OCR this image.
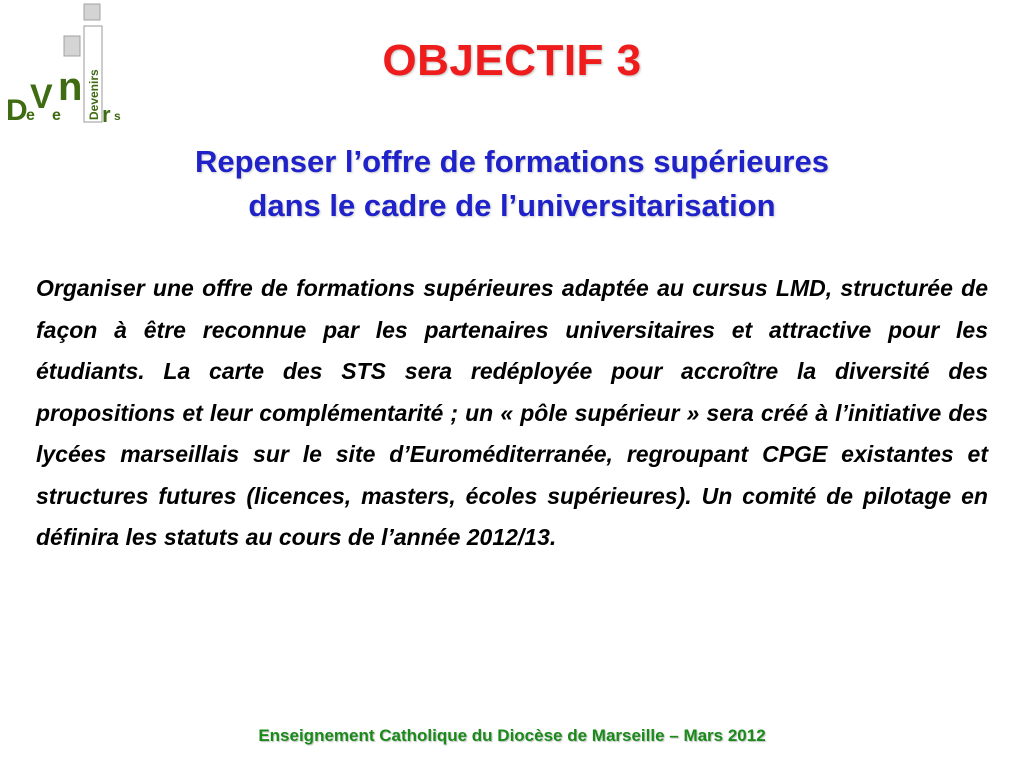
Devenirs
D
e
V e
n
r s
OBJECTIF 3
Repenser l’offre de formations supérieures
dans le cadre de l’universitarisation

Organiser une offre de formations supérieures adaptée au cursus LMD, structurée de façon à être reconnue par les partenaires universitaires et attractive pour les étudiants. La carte des STS sera redéployée pour accroître la diversité des propositions et leur complémentarité ; un « pôle supérieur » sera créé à l’initiative des lycées marseillais sur le site d’Euroméditerranée, regroupant CPGE existantes et structures futures (licences, masters, écoles supérieures). Un comité de pilotage en définira les statuts au cours de l’année 2012/13.

Enseignement Catholique du Diocèse de Marseille – Mars 2012
